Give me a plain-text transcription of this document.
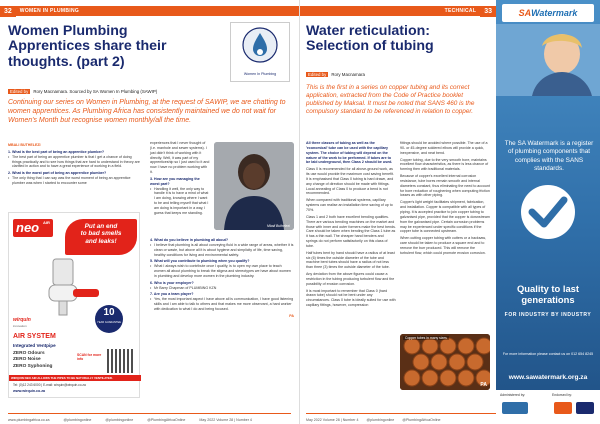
32	WOMEN IN PLUMBING
Women Plumbing
Apprentices share their
thoughts. (part 2)
Women In Plumbing
Edited by Rory Macnamara. Sourced by SA Women In Plumbing (SAWIP)
Continuing our series on Women in Plumbing, at the request of SAWIP, we are chatting to women apprentices. As Plumbing Africa has consistently maintained we do not wait for Women's Month but recognise women monthly/all the time.
MBALI BUTHELEZI
1. What is the best part of being an apprentice plumber?

• The best part of being an apprentice plumber is that I get a chance of doing things practically and to see how things that are hard to understand in theory are clarified in action and to have a great experience of working in a field.

2. What is the worst part of being an apprentice plumber?

• The only thing that I can say was the worst moment of being an apprentice plumber was when I started to encounter some

neo AIR
Put an end
to bad smells
and leaks!
10
YEAR GUARANTEE
wirquin
innovation
AIR SYSTEM
Integrated Ventpipe
ZERO Odours
ZERO Noise
ZERO Syphoning
SCAN for more info
WIRQUIN NEO AIR ALLOWS THE PIPES TO BE NATURALLY VENTILATED.
Tel: (0)12 243 6000 | E-mail: wirquin@wirquin.co.za
www.wirquin.co.za

experiences that I never thought of (i.e. manhole and sewer systems). I just didn't think of working with it directly. Well, it was part of my apprenticeship so I just used to it and now I have no problem working with it.

3. How are you managing the worst part?

• Handling it well, the only way to handle it is to have a mind of what I am doing, knowing where I want to be and telling myself that what I am doing is important in a way, I guess that keeps me standing.

Mbali Buthelezi
4. What do you believe in plumbing all about?

• I believe that plumbing is all about conveying fluid in a wide range of areas, whether it is clean or waste, but above all it is about hygiene and simplicity of life, time saving, healthy conditions for living and environmental safety.

5. What will you contribute to plumbing when you qualify?

• What I always wish to contribute once I qualify, is to open my own place to teach women all about plumbing to break the stigma and stereotypes we have about women in plumbing and develop more women in the plumbing industry.

6. Who is your employer?

• Mr Barry Chapman of PLUMBING KZN

7. Are you a team player?

• Yes, the most important aspect I have above all is communication, I have good listening skills and I am able to talk to others and that makes me more observant, a hard worker with dedication to what I do and being focused.

PA
www.plumbingafrica.co.za	@plumbingonline	@plumbingonline	@PlumbingAfricaOnline	May 2022 Volume 28 | Number 4
TECHNICAL	33
Water reticulation:
Selection of tubing
Edited by Rory Macnamara
This is the first in a series on copper tubing and its correct application, extracted from the Code of Practice booklet published by Maksal. It must be noted that SANS 460 is the compulsory standard to be referenced in relation to copper.

All three classes of tubing as well as the 'economical' tube can be used with the capillary system. The choice of tubing will depend on the nature of the work to be performed. If tubes are to be laid underground, then Class 2 should be used.

Class 0 is recommended for all above-ground work, as its use would provide the maximum cost saving benefit. It is emphasised that Class 0 tubing is hard drawn, and any change of direction should be made with fittings. Local annealing of Class 0 to produce a bend is not recommended.

When compared with traditional systems, capillary systems can realise an installation time saving of up to 70%.

Class 1 and 2 both have excellent bending qualities. There are various bending machines on the market and those with inner and outer formers make the best bends. Care should be taken when bending the Class 1 tube as it has a thin wall. The cheaper hand benders and springs do not perform satisfactorily on this class of tube.

Half tubes bent by hand should have a radius of at least six (6) times the outside diameter of the tube and machine bent tubes should have a radius of not less than three (3) times the outside diameter of the tube.

Any deviation from the above figures could cause a restriction in the tubing producing turbulent flow and the possibility of erosion corrosion.

It is most important to remember that Class 0 (hard drawn tube) should not be bent under any circumstances. Class 0 tube is ideally suited for use with capillary fittings, however, compression

fittings should be avoided where possible. The use of a 90- or 45-degree soldered elbow will provide a quick, inexpensive, and neat bend.

Copper tubing, due to the very smooth bore, maintains excellent flow characteristics, as there is less chance of forming then with traditional materials.

Because of copper's excellent internal corrosion resistance, tube bores remain smooth and internal diameters constant, thus eliminating the need to account for bore reduction of roughening when computing friction losses as with other piping.

Copper's light weight facilitates shipment, fabrication, and installation. Copper is compatible with all types of piping. It is accepted practice to join copper tubing to galvanised pipe, provided that the copper is downstream from the galvanised pipe. Certain corrosion problems may be experienced under specific conditions if the copper tube is connected upstream.

When cutting copper tubing with cutters or a hacksaw, care should be taken to produce a square end and to remove the burr produced. This will remove the turbulent flow, which could promote erosion corrosion.

Copper tubes in many sizes
PA
May 2022 Volume 28 | Number 4 @plumbingonline @PlumbingAfricaOnline
SA Watermark
The SA Watermark is a register of plumbing components that complies with the SANS standards.
Quality to last generations
FOR INDUSTRY BY INDUSTRY
For more information please contact us on 012 654 8245
www.sawatermark.org.za
Administered by:	Endorsed by:
